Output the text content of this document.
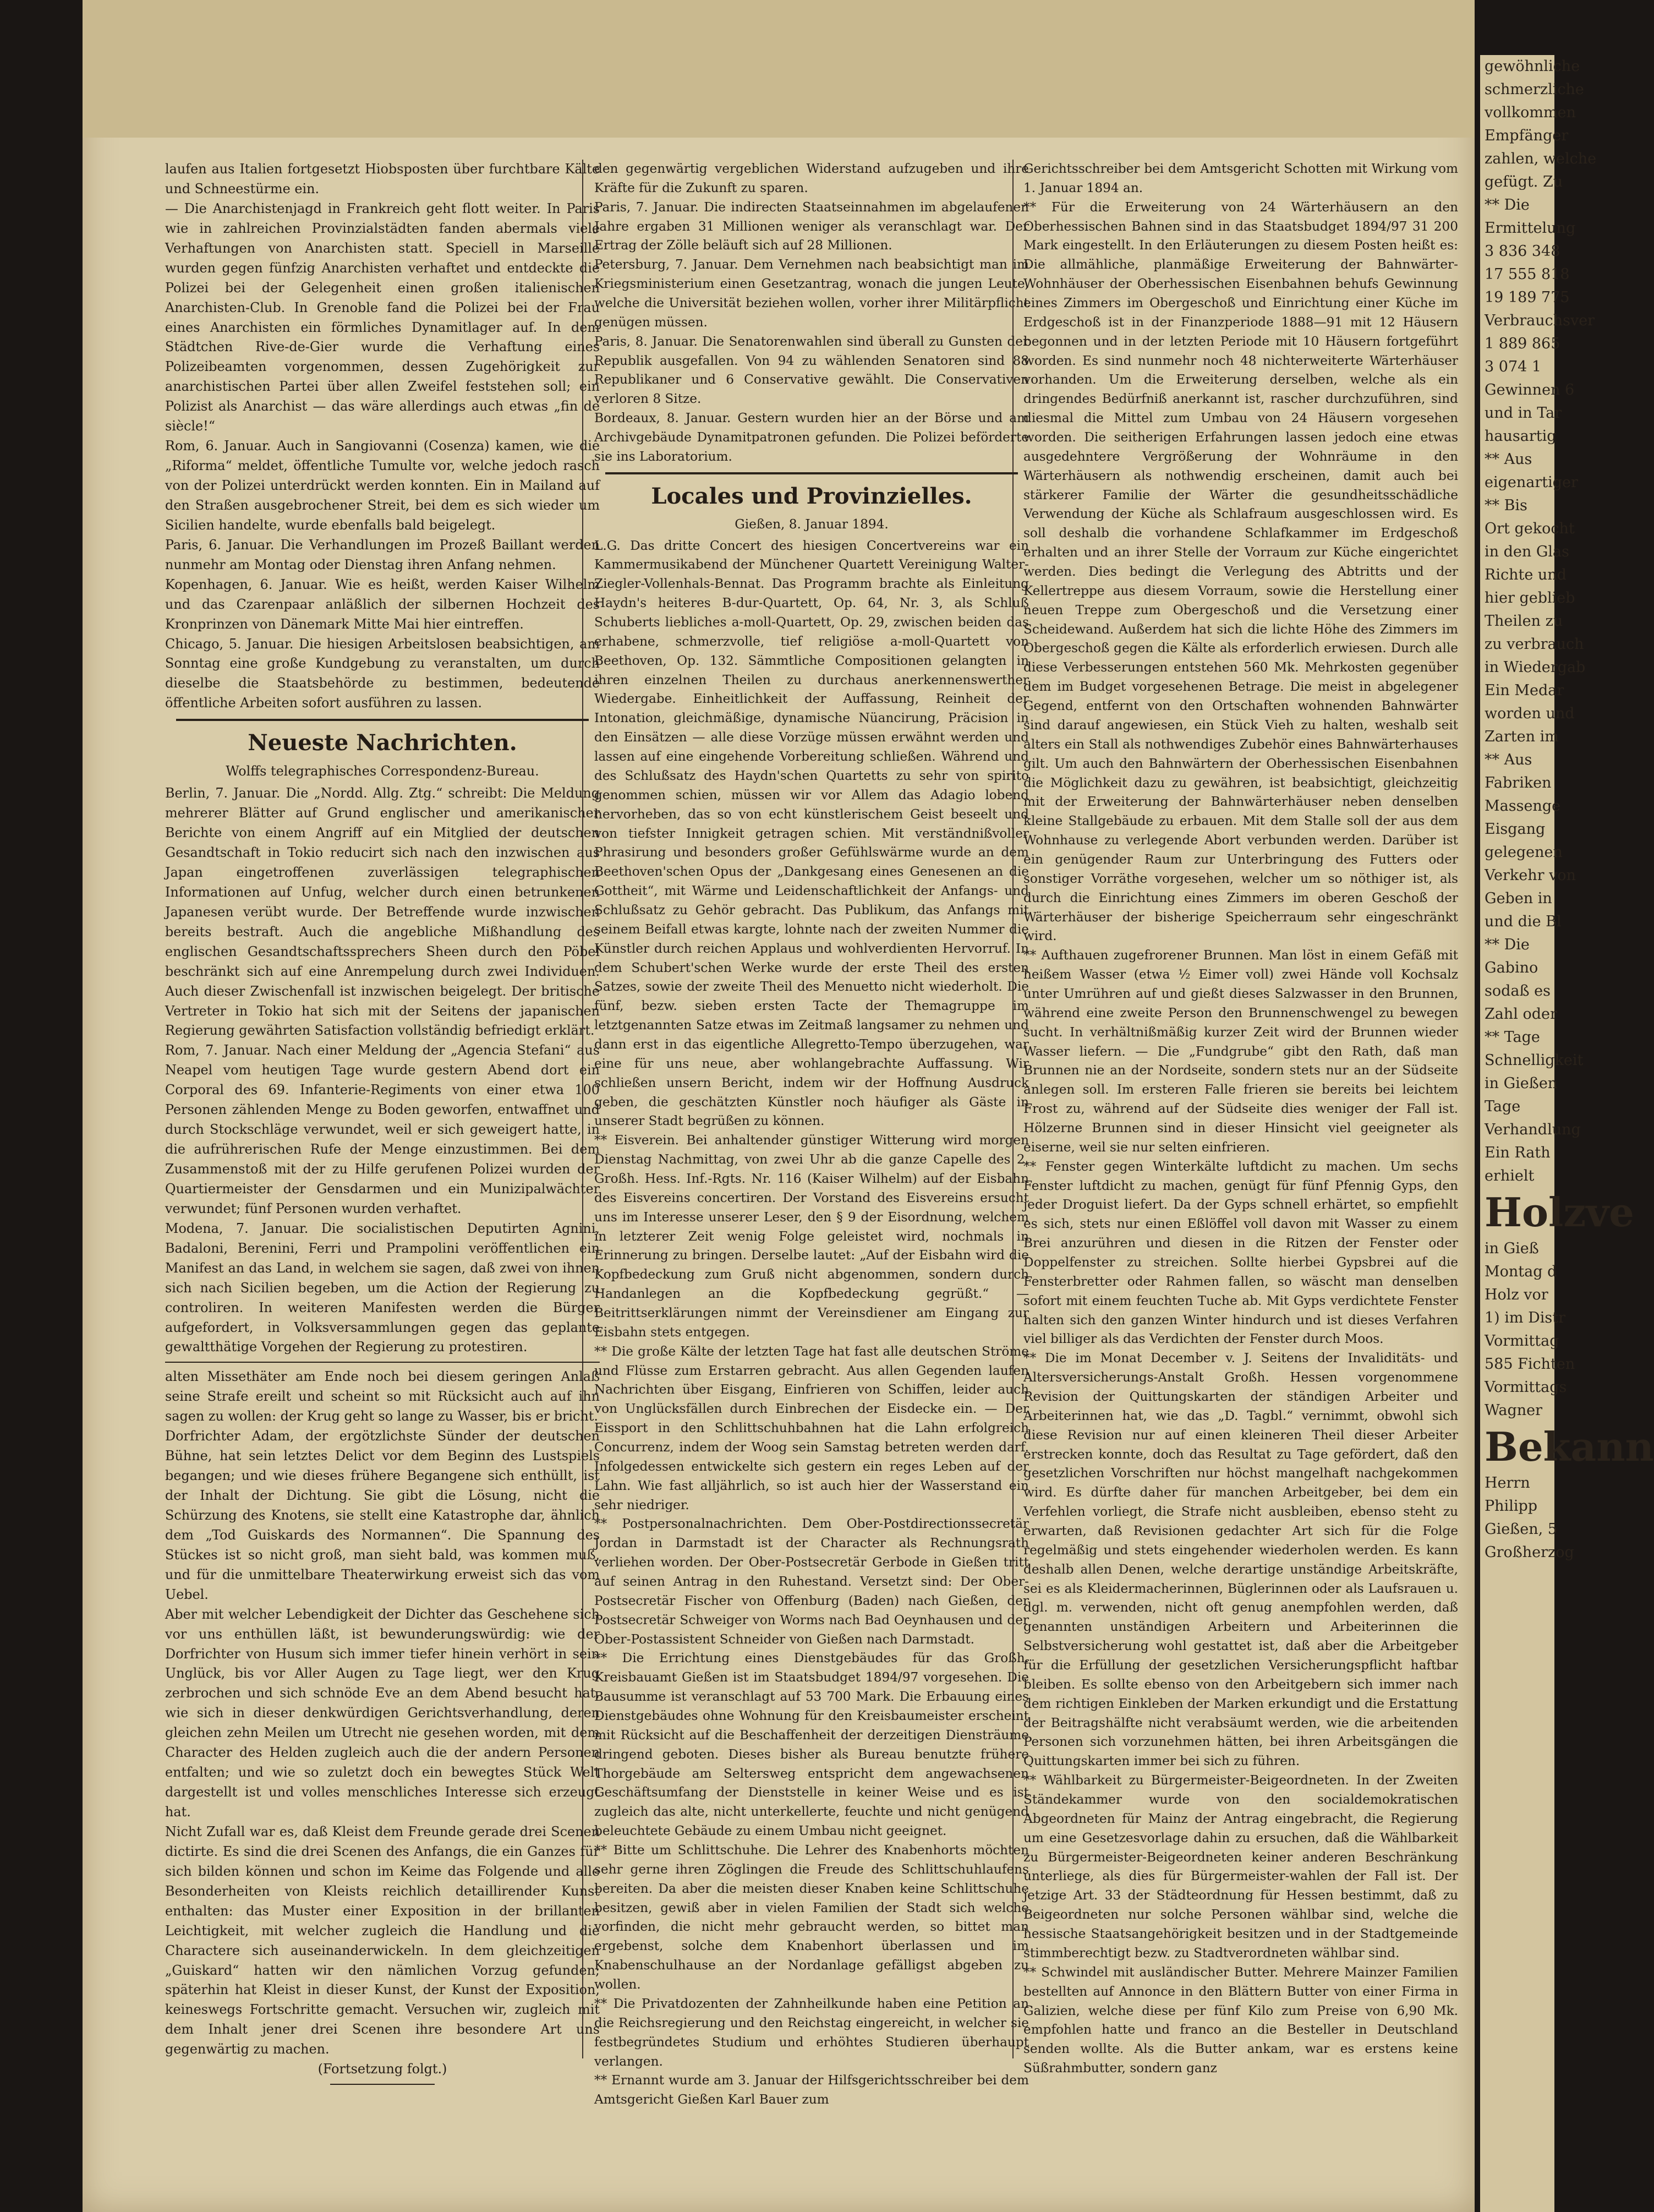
laufen aus Italien fortgesetzt Hiobsposten über furchtbare Kälte und Schneestürme ein.

— Die Anarchistenjagd in Frankreich geht flott weiter. In Paris wie in zahlreichen Provinzialstädten fanden abermals viele Verhaftungen von Anarchisten statt. Speciell in Marseille wurden gegen fünfzig Anarchisten verhaftet und entdeckte die Polizei bei der Gelegenheit einen großen italienischen Anarchisten-Club. In Grenoble fand die Polizei bei der Frau eines Anarchisten ein förmliches Dynamitlager auf. In dem Städtchen Rive-de-Gier wurde die Verhaftung eines Polizeibeamten vorgenommen, dessen Zugehörigkeit zur anarchistischen Partei über allen Zweifel feststehen soll; ein Polizist als Anarchist — das wäre allerdings auch etwas „fin de siècle!“

Rom, 6. Januar. Auch in Sangiovanni (Cosenza) kamen, wie die „Riforma“ meldet, öffentliche Tumulte vor, welche jedoch rasch von der Polizei unterdrückt werden konnten. Ein in Mailand auf den Straßen ausgebrochener Streit, bei dem es sich wieder um Sicilien handelte, wurde ebenfalls bald beigelegt.

Paris, 6. Januar. Die Verhandlungen im Prozeß Baillant werden nunmehr am Montag oder Dienstag ihren Anfang nehmen.

Kopenhagen, 6. Januar. Wie es heißt, werden Kaiser Wilhelm und das Czarenpaar anläßlich der silbernen Hochzeit des Kronprinzen von Dänemark Mitte Mai hier eintreffen.

Chicago, 5. Januar. Die hiesigen Arbeitslosen beabsichtigen, am Sonntag eine große Kundgebung zu veranstalten, um durch dieselbe die Staatsbehörde zu bestimmen, bedeutende öffentliche Arbeiten sofort ausführen zu lassen.

Neueste Nachrichten.
Wolffs telegraphisches Correspondenz-Bureau.

Berlin, 7. Januar. Die „Nordd. Allg. Ztg.“ schreibt: Die Meldung mehrerer Blätter auf Grund englischer und amerikanischer Berichte von einem Angriff auf ein Mitglied der deutschen Gesandtschaft in Tokio reducirt sich nach den inzwischen aus Japan eingetroffenen zuverlässigen telegraphischen Informationen auf Unfug, welcher durch einen betrunkenen Japanesen verübt wurde. Der Betreffende wurde inzwischen bereits bestraft. Auch die angebliche Mißhandlung des englischen Gesandtschaftssprechers Sheen durch den Pöbel beschränkt sich auf eine Anrempelung durch zwei Individuen. Auch dieser Zwischenfall ist inzwischen beigelegt. Der britische Vertreter in Tokio hat sich mit der Seitens der japanischen Regierung gewährten Satisfaction vollständig befriedigt erklärt.

Rom, 7. Januar. Nach einer Meldung der „Agencia Stefani“ aus Neapel vom heutigen Tage wurde gestern Abend dort ein Corporal des 69. Infanterie-Regiments von einer etwa 100 Personen zählenden Menge zu Boden geworfen, entwaffnet und durch Stockschläge verwundet, weil er sich geweigert hatte, in die aufrührerischen Rufe der Menge einzustimmen. Bei dem Zusammenstoß mit der zu Hilfe gerufenen Polizei wurden der Quartiermeister der Gensdarmen und ein Munizipalwächter verwundet; fünf Personen wurden verhaftet.

Modena, 7. Januar. Die socialistischen Deputirten Agnini, Badaloni, Berenini, Ferri und Prampolini veröffentlichen ein Manifest an das Land, in welchem sie sagen, daß zwei von ihnen sich nach Sicilien begeben, um die Action der Regierung zu controliren. In weiteren Manifesten werden die Bürger aufgefordert, in Volksversammlungen gegen das geplante gewaltthätige Vorgehen der Regierung zu protestiren.

alten Missethäter am Ende noch bei diesem geringen Anlaß seine Strafe ereilt und scheint so mit Rücksicht auch auf ihn sagen zu wollen: der Krug geht so lange zu Wasser, bis er bricht.

Dorfrichter Adam, der ergötzlichste Sünder der deutschen Bühne, hat sein letztes Delict vor dem Beginn des Lustspiels begangen; und wie dieses frühere Begangene sich enthüllt, ist der Inhalt der Dichtung. Sie gibt die Lösung, nicht die Schürzung des Knotens, sie stellt eine Katastrophe dar, ähnlich dem „Tod Guiskards des Normannen“. Die Spannung des Stückes ist so nicht groß, man sieht bald, was kommen muß, und für die unmittelbare Theaterwirkung erweist sich das vom Uebel.

Aber mit welcher Lebendigkeit der Dichter das Geschehene sich vor uns enthüllen läßt, ist bewunderungswürdig: wie der Dorfrichter von Husum sich immer tiefer hinein verhört in sein Unglück, bis vor Aller Augen zu Tage liegt, wer den Krug zerbrochen und sich schnöde Eve an dem Abend besucht hat, wie sich in dieser denkwürdigen Gerichtsverhandlung, deren gleichen zehn Meilen um Utrecht nie gesehen worden, mit dem Character des Helden zugleich auch die der andern Personen entfalten; und wie so zuletzt doch ein bewegtes Stück Welt dargestellt ist und volles menschliches Interesse sich erzeugt hat.

Nicht Zufall war es, daß Kleist dem Freunde gerade drei Scenen dictirte. Es sind die drei Scenen des Anfangs, die ein Ganzes für sich bilden können und schon im Keime das Folgende und alle Besonderheiten von Kleists reichlich detaillirender Kunst enthalten: das Muster einer Exposition in der brillanten Leichtigkeit, mit welcher zugleich die Handlung und die Charactere sich auseinanderwickeln. In dem gleichzeitigen „Guiskard“ hatten wir den nämlichen Vorzug gefunden; späterhin hat Kleist in dieser Kunst, der Kunst der Exposition, keineswegs Fortschritte gemacht. Versuchen wir, zugleich mit dem Inhalt jener drei Scenen ihre besondere Art uns gegenwärtig zu machen.

(Fortsetzung folgt.)

den gegenwärtig vergeblichen Widerstand aufzugeben und ihre Kräfte für die Zukunft zu sparen.

Paris, 7. Januar. Die indirecten Staatseinnahmen im abgelaufenen Jahre ergaben 31 Millionen weniger als veranschlagt war. Der Ertrag der Zölle beläuft sich auf 28 Millionen.

Petersburg, 7. Januar. Dem Vernehmen nach beabsichtigt man im Kriegsministerium einen Gesetzantrag, wonach die jungen Leute, welche die Universität beziehen wollen, vorher ihrer Militärpflicht genügen müssen.

Paris, 8. Januar. Die Senatorenwahlen sind überall zu Gunsten der Republik ausgefallen. Von 94 zu wählenden Senatoren sind 88 Republikaner und 6 Conservative gewählt. Die Conservativen verloren 8 Sitze.

Bordeaux, 8. Januar. Gestern wurden hier an der Börse und am Archivgebäude Dynamitpatronen gefunden. Die Polizei beförderte sie ins Laboratorium.

Locales und Provinzielles.
Gießen, 8. Januar 1894.

L.G. Das dritte Concert des hiesigen Concertvereins war ein Kammermusikabend der Münchener Quartett Vereinigung Walter-Ziegler-Vollenhals-Bennat. Das Programm brachte als Einleitung Haydn's heiteres B-dur-Quartett, Op. 64, Nr. 3, als Schluß Schuberts liebliches a-moll-Quartett, Op. 29, zwischen beiden das erhabene, schmerzvolle, tief religiöse a-moll-Quartett von Beethoven, Op. 132. Sämmtliche Compositionen gelangten in ihren einzelnen Theilen zu durchaus anerkennenswerther Wiedergabe. Einheitlichkeit der Auffassung, Reinheit der Intonation, gleichmäßige, dynamische Nüancirung, Präcision in den Einsätzen — alle diese Vorzüge müssen erwähnt werden und lassen auf eine eingehende Vorbereitung schließen. Während und des Schlußsatz des Haydn'schen Quartetts zu sehr von spirito genommen schien, müssen wir vor Allem das Adagio lobend hervorheben, das so von echt künstlerischem Geist beseelt und von tiefster Innigkeit getragen schien. Mit verständnißvoller Phrasirung und besonders großer Gefühlswärme wurde an dem Beethoven'schen Opus der „Dankgesang eines Genesenen an die Gottheit“, mit Wärme und Leidenschaftlichkeit der Anfangs- und Schlußsatz zu Gehör gebracht. Das Publikum, das Anfangs mit seinem Beifall etwas kargte, lohnte nach der zweiten Nummer die Künstler durch reichen Applaus und wohlverdienten Hervorruf. In dem Schubert'schen Werke wurde der erste Theil des ersten Satzes, sowie der zweite Theil des Menuetto nicht wiederholt. Die fünf, bezw. sieben ersten Tacte der Themagruppe im letztgenannten Satze etwas im Zeitmaß langsamer zu nehmen und dann erst in das eigentliche Allegretto-Tempo überzugehen, war eine für uns neue, aber wohlangebrachte Auffassung. Wir schließen unsern Bericht, indem wir der Hoffnung Ausdruck geben, die geschätzten Künstler noch häufiger als Gäste in unserer Stadt begrüßen zu können.

** Eisverein. Bei anhaltender günstiger Witterung wird morgen Dienstag Nachmittag, von zwei Uhr ab die ganze Capelle des 2. Großh. Hess. Inf.-Rgts. Nr. 116 (Kaiser Wilhelm) auf der Eisbahn des Eisvereins concertiren. Der Vorstand des Eisvereins ersucht uns im Interesse unserer Leser, den § 9 der Eisordnung, welchem in letzterer Zeit wenig Folge geleistet wird, nochmals in Erinnerung zu bringen. Derselbe lautet: „Auf der Eisbahn wird die Kopfbedeckung zum Gruß nicht abgenommen, sondern durch Handanlegen an die Kopfbedeckung gegrüßt.“ — Beitrittserklärungen nimmt der Vereinsdiener am Eingang zur Eisbahn stets entgegen.

** Die große Kälte der letzten Tage hat fast alle deutschen Ströme und Flüsse zum Erstarren gebracht. Aus allen Gegenden laufen Nachrichten über Eisgang, Einfrieren von Schiffen, leider auch von Unglücksfällen durch Einbrechen der Eisdecke ein. — Der Eissport in den Schlittschuhbahnen hat die Lahn erfolgreich Concurrenz, indem der Woog sein Samstag betreten werden darf. Infolgedessen entwickelte sich gestern ein reges Leben auf der Lahn. Wie fast alljährlich, so ist auch hier der Wasserstand ein sehr niedriger.

** Postpersonalnachrichten. Dem Ober-Postdirectionssecretär Jordan in Darmstadt ist der Character als Rechnungsrath verliehen worden. Der Ober-Postsecretär Gerbode in Gießen tritt auf seinen Antrag in den Ruhestand. Versetzt sind: Der Ober-Postsecretär Fischer von Offenburg (Baden) nach Gießen, der Postsecretär Schweiger von Worms nach Bad Oeynhausen und der Ober-Postassistent Schneider von Gießen nach Darmstadt.

** Die Errichtung eines Dienstgebäudes für das Großh. Kreisbauamt Gießen ist im Staatsbudget 1894/97 vorgesehen. Die Bausumme ist veranschlagt auf 53 700 Mark. Die Erbauung eines Dienstgebäudes ohne Wohnung für den Kreisbaumeister erscheint mit Rücksicht auf die Beschaffenheit der derzeitigen Diensträume dringend geboten. Dieses bisher als Bureau benutzte frühere Thorgebäude am Seltersweg entspricht dem angewachsenen Geschäftsumfang der Dienststelle in keiner Weise und es ist zugleich das alte, nicht unterkellerte, feuchte und nicht genügend beleuchtete Gebäude zu einem Umbau nicht geeignet.

** Bitte um Schlittschuhe. Die Lehrer des Knabenhorts möchten sehr gerne ihren Zöglingen die Freude des Schlittschuhlaufens bereiten. Da aber die meisten dieser Knaben keine Schlittschuhe besitzen, gewiß aber in vielen Familien der Stadt sich welche vorfinden, die nicht mehr gebraucht werden, so bittet man ergebenst, solche dem Knabenhort überlassen und im Knabenschulhause an der Nordanlage gefälligst abgeben zu wollen.

** Die Privatdozenten der Zahnheilkunde haben eine Petition an die Reichsregierung und den Reichstag eingereicht, in welcher sie festbegründetes Studium und erhöhtes Studieren überhaupt verlangen.

** Ernannt wurde am 3. Januar der Hilfsgerichtsschreiber bei dem Amtsgericht Gießen Karl Bauer zum

Gerichtsschreiber bei dem Amtsgericht Schotten mit Wirkung vom 1. Januar 1894 an.

** Für die Erweiterung von 24 Wärterhäusern an den Oberhessischen Bahnen sind in das Staatsbudget 1894/97 31 200 Mark eingestellt. In den Erläuterungen zu diesem Posten heißt es: Die allmähliche, planmäßige Erweiterung der Bahnwärter-Wohnhäuser der Oberhessischen Eisenbahnen behufs Gewinnung eines Zimmers im Obergeschoß und Einrichtung einer Küche im Erdgeschoß ist in der Finanzperiode 1888—91 mit 12 Häusern begonnen und in der letzten Periode mit 10 Häusern fortgeführt worden. Es sind nunmehr noch 48 nichterweiterte Wärterhäuser vorhanden. Um die Erweiterung derselben, welche als ein dringendes Bedürfniß anerkannt ist, rascher durchzuführen, sind diesmal die Mittel zum Umbau von 24 Häusern vorgesehen worden. Die seitherigen Erfahrungen lassen jedoch eine etwas ausgedehntere Vergrößerung der Wohnräume in den Wärterhäusern als nothwendig erscheinen, damit auch bei stärkerer Familie der Wärter die gesundheitsschädliche Verwendung der Küche als Schlafraum ausgeschlossen wird. Es soll deshalb die vorhandene Schlafkammer im Erdgeschoß erhalten und an ihrer Stelle der Vorraum zur Küche eingerichtet werden. Dies bedingt die Verlegung des Abtritts und der Kellertreppe aus diesem Vorraum, sowie die Herstellung einer neuen Treppe zum Obergeschoß und die Versetzung einer Scheidewand. Außerdem hat sich die lichte Höhe des Zimmers im Obergeschoß gegen die Kälte als erforderlich erwiesen. Durch alle diese Verbesserungen entstehen 560 Mk. Mehrkosten gegenüber dem im Budget vorgesehenen Betrage. Die meist in abgelegener Gegend, entfernt von den Ortschaften wohnenden Bahnwärter sind darauf angewiesen, ein Stück Vieh zu halten, weshalb seit alters ein Stall als nothwendiges Zubehör eines Bahnwärterhauses gilt. Um auch den Bahnwärtern der Oberhessischen Eisenbahnen die Möglichkeit dazu zu gewähren, ist beabsichtigt, gleichzeitig mit der Erweiterung der Bahnwärterhäuser neben denselben kleine Stallgebäude zu erbauen. Mit dem Stalle soll der aus dem Wohnhause zu verlegende Abort verbunden werden. Darüber ist ein genügender Raum zur Unterbringung des Futters oder sonstiger Vorräthe vorgesehen, welcher um so nöthiger ist, als durch die Einrichtung eines Zimmers im oberen Geschoß der Wärterhäuser der bisherige Speicherraum sehr eingeschränkt wird.

** Aufthauen zugefrorener Brunnen. Man löst in einem Gefäß mit heißem Wasser (etwa ½ Eimer voll) zwei Hände voll Kochsalz unter Umrühren auf und gießt dieses Salzwasser in den Brunnen, während eine zweite Person den Brunnenschwengel zu bewegen sucht. In verhältnißmäßig kurzer Zeit wird der Brunnen wieder Wasser liefern. — Die „Fundgrube“ gibt den Rath, daß man Brunnen nie an der Nordseite, sondern stets nur an der Südseite anlegen soll. Im ersteren Falle frieren sie bereits bei leichtem Frost zu, während auf der Südseite dies weniger der Fall ist. Hölzerne Brunnen sind in dieser Hinsicht viel geeigneter als eiserne, weil sie nur selten einfrieren.

** Fenster gegen Winterkälte luftdicht zu machen. Um sechs Fenster luftdicht zu machen, genügt für fünf Pfennig Gyps, den jeder Droguist liefert. Da der Gyps schnell erhärtet, so empfiehlt es sich, stets nur einen Eßlöffel voll davon mit Wasser zu einem Brei anzurühren und diesen in die Ritzen der Fenster oder Doppelfenster zu streichen. Sollte hierbei Gypsbrei auf die Fensterbretter oder Rahmen fallen, so wäscht man denselben sofort mit einem feuchten Tuche ab. Mit Gyps verdichtete Fenster halten sich den ganzen Winter hindurch und ist dieses Verfahren viel billiger als das Verdichten der Fenster durch Moos.

** Die im Monat December v. J. Seitens der Invaliditäts- und Altersversicherungs-Anstalt Großh. Hessen vorgenommene Revision der Quittungskarten der ständigen Arbeiter und Arbeiterinnen hat, wie das „D. Tagbl.“ vernimmt, obwohl sich diese Revision nur auf einen kleineren Theil dieser Arbeiter erstrecken konnte, doch das Resultat zu Tage gefördert, daß den gesetzlichen Vorschriften nur höchst mangelhaft nachgekommen wird. Es dürfte daher für manchen Arbeitgeber, bei dem ein Verfehlen vorliegt, die Strafe nicht ausbleiben, ebenso steht zu erwarten, daß Revisionen gedachter Art sich für die Folge regelmäßig und stets eingehender wiederholen werden. Es kann deshalb allen Denen, welche derartige unständige Arbeitskräfte, sei es als Kleidermacherinnen, Büglerinnen oder als Laufsrauen u. dgl. m. verwenden, nicht oft genug anempfohlen werden, daß genannten unständigen Arbeitern und Arbeiterinnen die Selbstversicherung wohl gestattet ist, daß aber die Arbeitgeber für die Erfüllung der gesetzlichen Versicherungspflicht haftbar bleiben. Es sollte ebenso von den Arbeitgebern sich immer nach dem richtigen Einkleben der Marken erkundigt und die Erstattung der Beitragshälfte nicht verabsäumt werden, wie die arbeitenden Personen sich vorzunehmen hätten, bei ihren Arbeitsgängen die Quittungskarten immer bei sich zu führen.

** Wählbarkeit zu Bürgermeister-Beigeordneten. In der Zweiten Ständekammer wurde von den socialdemokratischen Abgeordneten für Mainz der Antrag eingebracht, die Regierung um eine Gesetzesvorlage dahin zu ersuchen, daß die Wählbarkeit zu Bürgermeister-Beigeordneten keiner anderen Beschränkung unterliege, als dies für Bürgermeister-wahlen der Fall ist. Der jetzige Art. 33 der Städteordnung für Hessen bestimmt, daß zu Beigeordneten nur solche Personen wählbar sind, welche die hessische Staatsangehörigkeit besitzen und in der Stadtgemeinde stimmberechtigt bezw. zu Stadtverordneten wählbar sind.

** Schwindel mit ausländischer Butter. Mehrere Mainzer Familien bestellten auf Annonce in den Blättern Butter von einer Firma in Galizien, welche diese per fünf Kilo zum Preise von 6,90 Mk. empfohlen hatte und franco an die Besteller in Deutschland senden wollte. Als die Butter ankam, war es erstens keine Süßrahmbutter, sondern ganz

gewöhnliche
schmerzliche
vollkommen
Empfänger
zahlen, welche
gefügt. Zu
** Die
Ermittelung
3 836 348
17 555 818
19 189 775
Verbrauchsver
1 889 865
3 074 1
Gewinnen 6
und in Tar
hausartig
** Aus
eigenartiger
** Bis
Ort gekocht
in den Glas
Richte und
hier geblieb
Theilen zu
zu verbrauch
in Wiedergab
Ein Medar
worden und
Zarten im
** Aus
Fabriken
Massenge
Eisgang
gelegenen
Verkehr von
Geben in
und die Bl
** Die
Gabino
sodaß es
Zahl oder
** Tage
Schnelligkeit
in Gießen
Tage
Verhandlung
Ein Rath
erhielt
Holzve
in Gieß
Montag d
Holz vor
1) im Distr
Vormittag
585 Fichten
Vormittags
Wagner
Bekann
Herrn
Philipp
Gießen, 5
Großherzog
